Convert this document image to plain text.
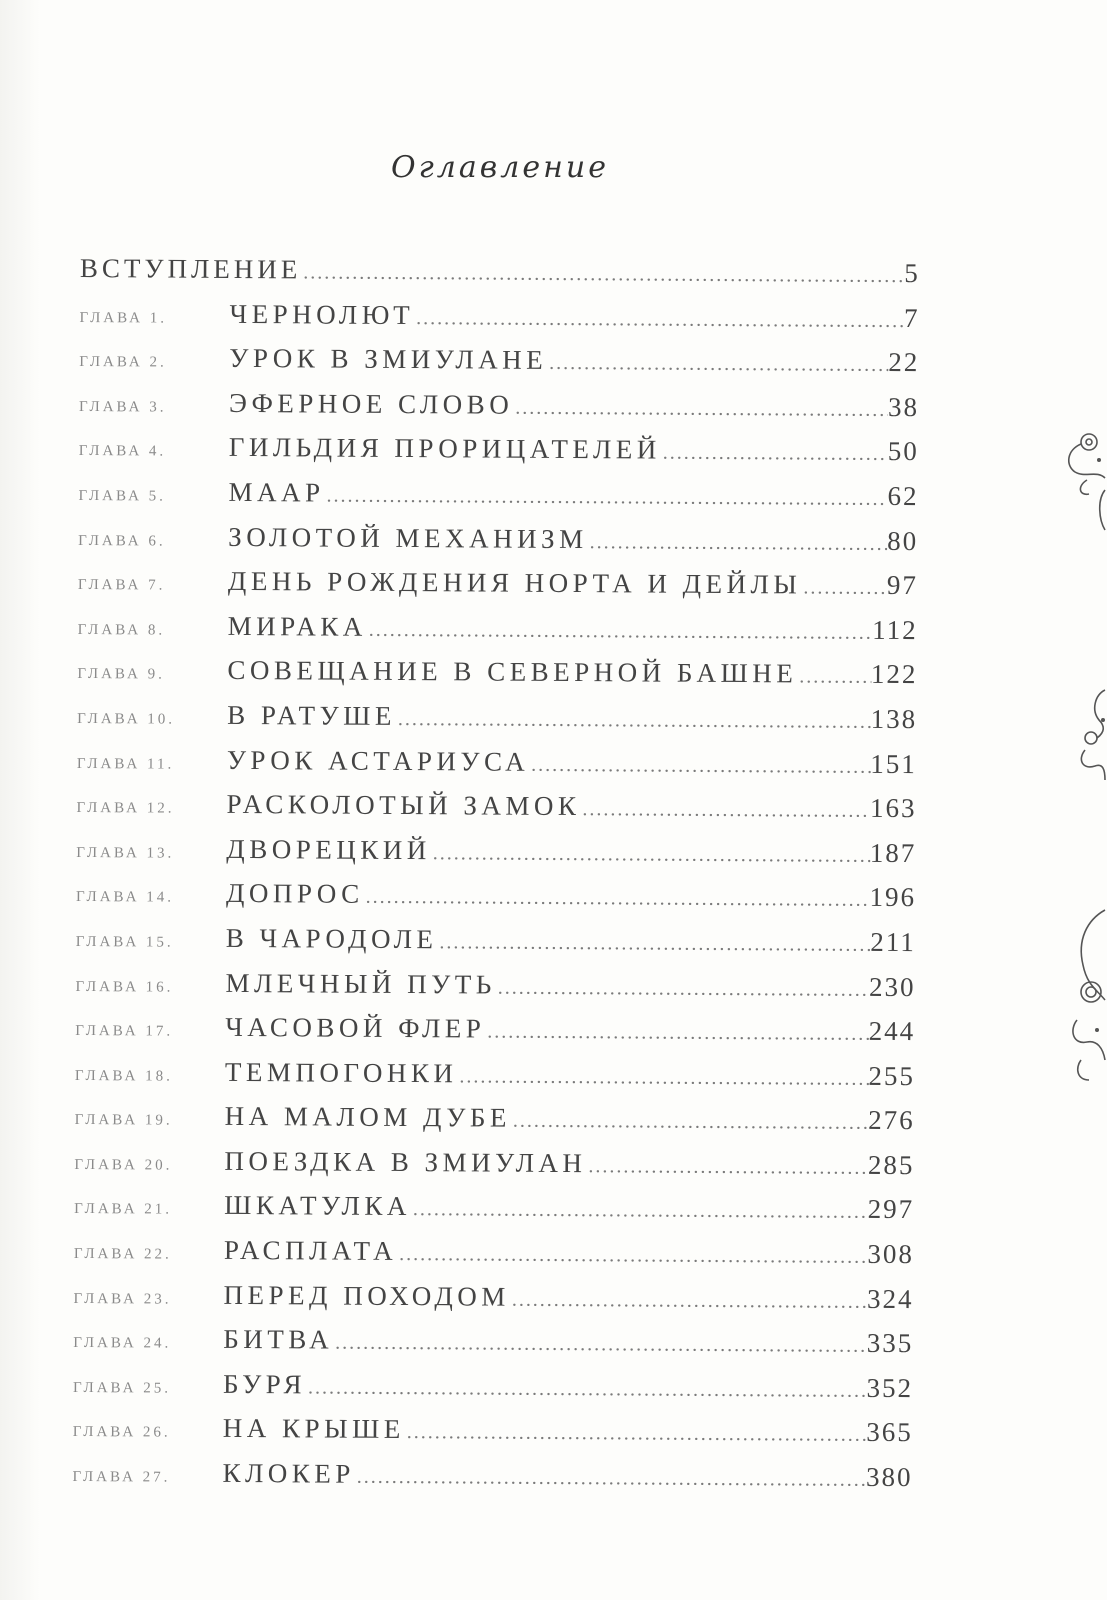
Оглавление
ВСТУПЛЕНИЕ .....	5
ГЛАВА 1.	ЧЕРНОЛЮТ .....	7
ГЛАВА 2.	УРОК В ЗМИУЛАНЕ .....	22
ГЛАВА 3.	ЭФЕРНОЕ СЛОВО .....	38
ГЛАВА 4.	ГИЛЬДИЯ ПРОРИЦАТЕЛЕЙ .....	50
ГЛАВА 5.	МААР .....	62
ГЛАВА 6.	ЗОЛОТОЙ МЕХАНИЗМ .....	80
ГЛАВА 7.	ДЕНЬ РОЖДЕНИЯ НОРТА И ДЕЙЛЫ .....	97
ГЛАВА 8.	МИРАКА .....	112
ГЛАВА 9.	СОВЕЩАНИЕ В СЕВЕРНОЙ БАШНЕ .....	122
ГЛАВА 10.	В РАТУШЕ .....	138
ГЛАВА 11.	УРОК АСТАРИУСА .....	151
ГЛАВА 12.	РАСКОЛОТЫЙ ЗАМОК .....	163
ГЛАВА 13.	ДВОРЕЦКИЙ .....	187
ГЛАВА 14.	ДОПРОС .....	196
ГЛАВА 15.	В ЧАРОДОЛЕ .....	211
ГЛАВА 16.	МЛЕЧНЫЙ ПУТЬ .....	230
ГЛАВА 17.	ЧАСОВОЙ ФЛЕР .....	244
ГЛАВА 18.	ТЕМПОГОНКИ .....	255
ГЛАВА 19.	НА МАЛОМ ДУБЕ .....	276
ГЛАВА 20.	ПОЕЗДКА В ЗМИУЛАН .....	285
ГЛАВА 21.	ШКАТУЛКА .....	297
ГЛАВА 22.	РАСПЛАТА .....	308
ГЛАВА 23.	ПЕРЕД ПОХОДОМ .....	324
ГЛАВА 24.	БИТВА .....	335
ГЛАВА 25.	БУРЯ .....	352
ГЛАВА 26.	НА КРЫШЕ .....	365
ГЛАВА 27.	КЛОКЕР .....	380
